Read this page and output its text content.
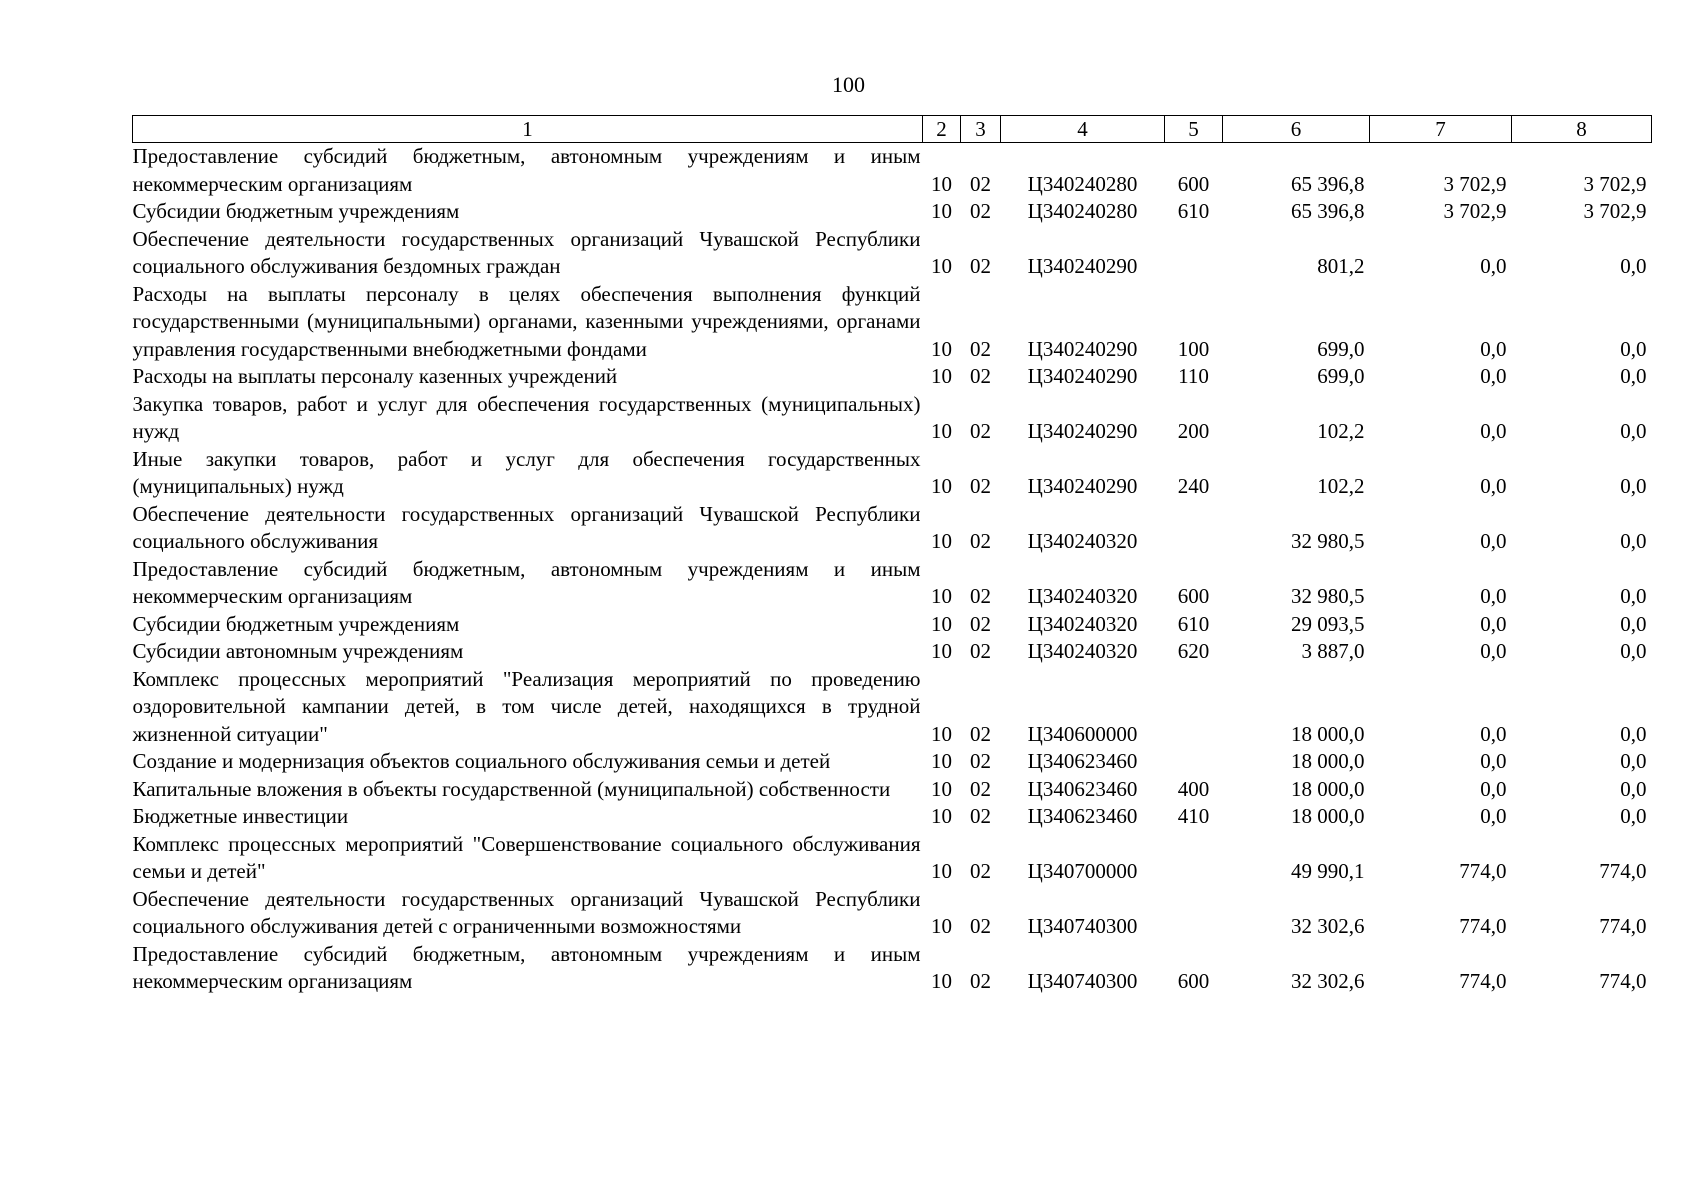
100
1	2	3	4	5	6	7	8
Предоставление субсидий бюджетным, автономным учреждениям и иным некоммерческим организациям	10	02	Ц340240280	600	65 396,8	3 702,9	3 702,9
Субсидии бюджетным учреждениям	10	02	Ц340240280	610	65 396,8	3 702,9	3 702,9
Обеспечение деятельности государственных организаций Чувашской Республики социального обслуживания бездомных граждан	10	02	Ц340240290		801,2	0,0	0,0
Расходы на выплаты персоналу в целях обеспечения выполнения функций государственными (муниципальными) органами, казенными учреждениями, органами управления государственными внебюджетными фондами	10	02	Ц340240290	100	699,0	0,0	0,0
Расходы на выплаты персоналу казенных учреждений	10	02	Ц340240290	110	699,0	0,0	0,0
Закупка товаров, работ и услуг для обеспечения государственных (муниципальных) нужд	10	02	Ц340240290	200	102,2	0,0	0,0
Иные закупки товаров, работ и услуг для обеспечения государственных (муниципальных) нужд	10	02	Ц340240290	240	102,2	0,0	0,0
Обеспечение деятельности государственных организаций Чувашской Республики социального обслуживания	10	02	Ц340240320		32 980,5	0,0	0,0
Предоставление субсидий бюджетным, автономным учреждениям и иным некоммерческим организациям	10	02	Ц340240320	600	32 980,5	0,0	0,0
Субсидии бюджетным учреждениям	10	02	Ц340240320	610	29 093,5	0,0	0,0
Субсидии автономным учреждениям	10	02	Ц340240320	620	3 887,0	0,0	0,0
Комплекс процессных мероприятий "Реализация мероприятий по проведению оздоровительной кампании детей, в том числе детей, находящихся в трудной жизненной ситуации"	10	02	Ц340600000		18 000,0	0,0	0,0
Создание и модернизация объектов социального обслуживания семьи и детей	10	02	Ц340623460		18 000,0	0,0	0,0
Капитальные вложения в объекты государственной (муниципальной) собственности	10	02	Ц340623460	400	18 000,0	0,0	0,0
Бюджетные инвестиции	10	02	Ц340623460	410	18 000,0	0,0	0,0
Комплекс процессных мероприятий "Совершенствование социального обслуживания семьи и детей"	10	02	Ц340700000		49 990,1	774,0	774,0
Обеспечение деятельности государственных организаций Чувашской Республики социального обслуживания детей с ограниченными возможностями	10	02	Ц340740300		32 302,6	774,0	774,0
Предоставление субсидий бюджетным, автономным учреждениям и иным некоммерческим организациям	10	02	Ц340740300	600	32 302,6	774,0	774,0
